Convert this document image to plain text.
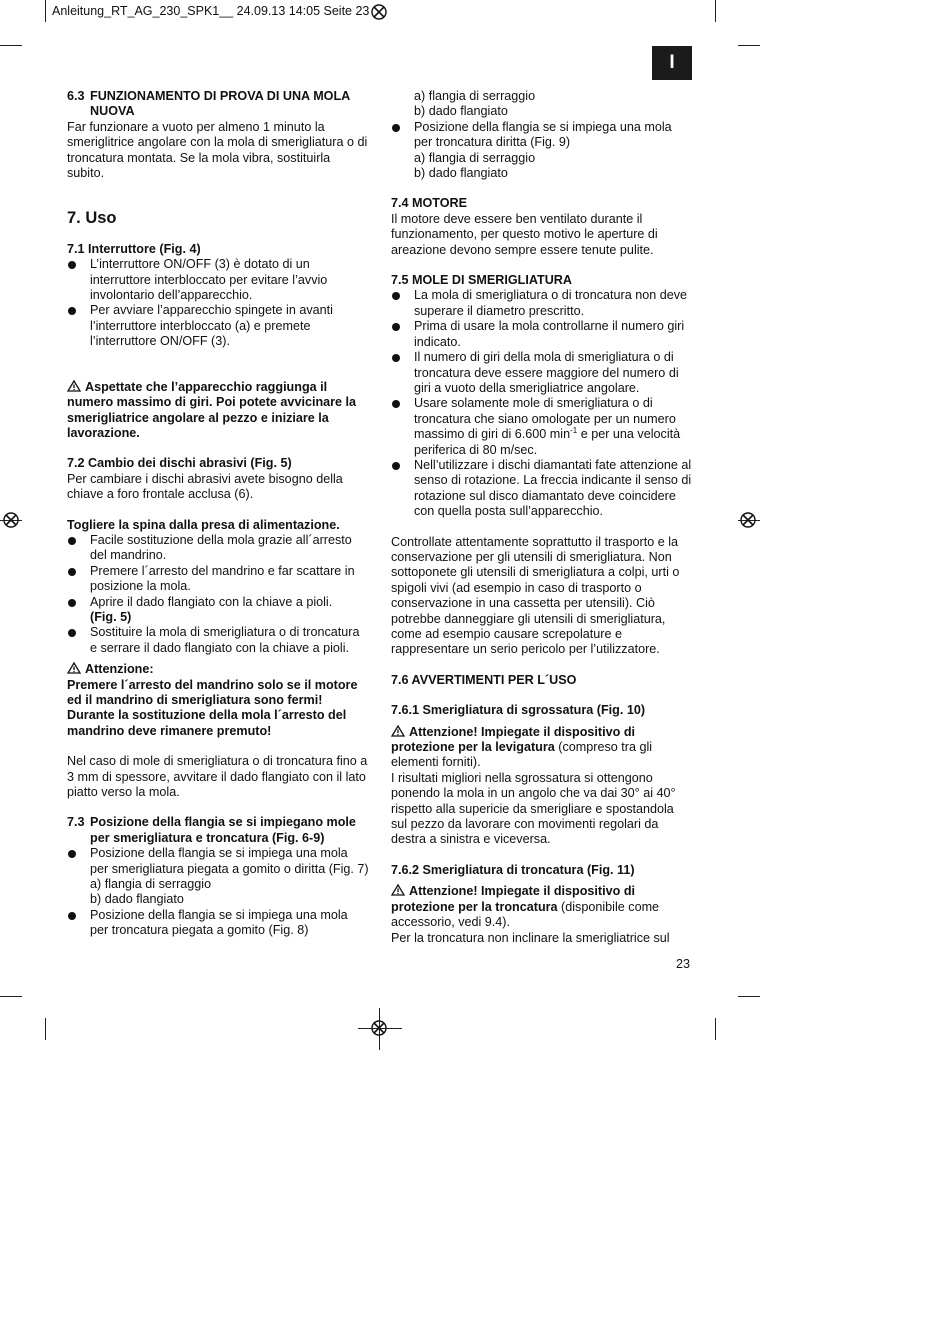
Anleitung_RT_AG_230_SPK1__ 24.09.13 14:05 Seite 23
I
6.3 FUNZIONAMENTO DI PROVA DI UNA MOLA NUOVA

Far funzionare a vuoto per almeno 1 minuto la smeriglitrice angolare con la mola di smerigliatura o di troncatura montata. Se la mola vibra, sostituirla subito.

7. Uso

7.1 Interruttore (Fig. 4)

L’interruttore ON/OFF (3) è dotato di un interruttore interbloccato per evitare l’avvio involontario dell’apparecchio.
Per avviare l’apparecchio spingete in avanti l’interruttore interbloccato (a) e premete l’interruttore ON/OFF (3).

Aspettate che l’apparecchio raggiunga il numero massimo di giri. Poi potete avvicinare la smerigliatrice angolare al pezzo e iniziare la lavorazione.

7.2 Cambio dei dischi abrasivi (Fig. 5)

Per cambiare i dischi abrasivi avete bisogno della chiave a foro frontale acclusa (6).

Togliere la spina dalla presa di alimentazione.

Facile sostituzione della mola grazie all´arresto del mandrino.
Premere l´arresto del mandrino e far scattare in posizione la mola.
Aprire il dado flangiato con la chiave a pioli.
(Fig. 5)
Sostituire la mola di smerigliatura o di troncatura e serrare il dado flangiato con la chiave a pioli.

Attenzione:

Premere l´arresto del mandrino solo se il motore ed il mandrino di smerigliatura sono fermi! Durante la sostituzione della mola l´arresto del mandrino deve rimanere premuto!

Nel caso di mole di smerigliatura o di troncatura fino a 3 mm di spessore, avvitare il dado flangiato con il lato piatto verso la mola.

7.3 Posizione della flangia se si impiegano mole per smerigliatura e troncatura (Fig. 6-9)
Posizione della flangia se si impiega una mola per smerigliatura piegata a gomito o diritta (Fig. 7)
a) flangia di serraggio
b) dado flangiato
Posizione della flangia se si impiega una mola per troncatura piegata a gomito (Fig. 8)
a) flangia di serraggio
b) dado flangiato
Posizione della flangia se si impiega una mola per troncatura diritta (Fig. 9)
a) flangia di serraggio
b) dado flangiato

7.4 MOTORE

Il motore deve essere ben ventilato durante il funzionamento, per questo motivo le aperture di areazione devono sempre essere tenute pulite.

7.5 MOLE DI SMERIGLIATURA

La mola di smerigliatura o di troncatura non deve superare il diametro prescritto.
Prima di usare la mola controllarne il numero giri indicato.
Il numero di giri della mola di smerigliatura o di troncatura deve essere maggiore del numero di giri a vuoto della smerigliatrice angolare.
Usare solamente mole di smerigliatura o di troncatura che siano omologate per un numero massimo di giri di 6.600 $\min^{-1} e$ per una velocità periferica di 80 m/sec.
Nell’utilizzare i dischi diamantati fate attenzione al senso di rotazione. La freccia indicante il senso di rotazione sul disco diamantato deve coincidere con quella posta sull’apparecchio.

Controllate attentamente soprattutto il trasporto e la conservazione per gli utensili di smerigliatura. Non sottoponete gli utensili di smerigliatura a colpi, urti o spigoli vivi (ad esempio in caso di trasporto o conservazione in una cassetta per utensili). Ciò potrebbe danneggiare gli utensili di smerigliatura, come ad esempio causare screpolature e rappresentare un serio pericolo per l’utilizzatore.

7.6 AVVERTIMENTI PER L´USO

7.6.1 Smerigliatura di sgrossatura (Fig. 10)

Attenzione! Impiegate il dispositivo di protezione per la levigatura (compreso tra gli elementi forniti).

I risultati migliori nella sgrossatura si ottengono ponendo la mola in un angolo che va dai 30° ai 40° rispetto alla supericie da smerigliare e spostandola sul pezzo da lavorare con movimenti regolari da destra a sinistra e viceversa.

7.6.2 Smerigliatura di troncatura (Fig. 11)

Attenzione! Impiegate il dispositivo di protezione per la troncatura (disponibile come accessorio, vedi 9.4).

Per la troncatura non inclinare la smerigliatrice sul

23
